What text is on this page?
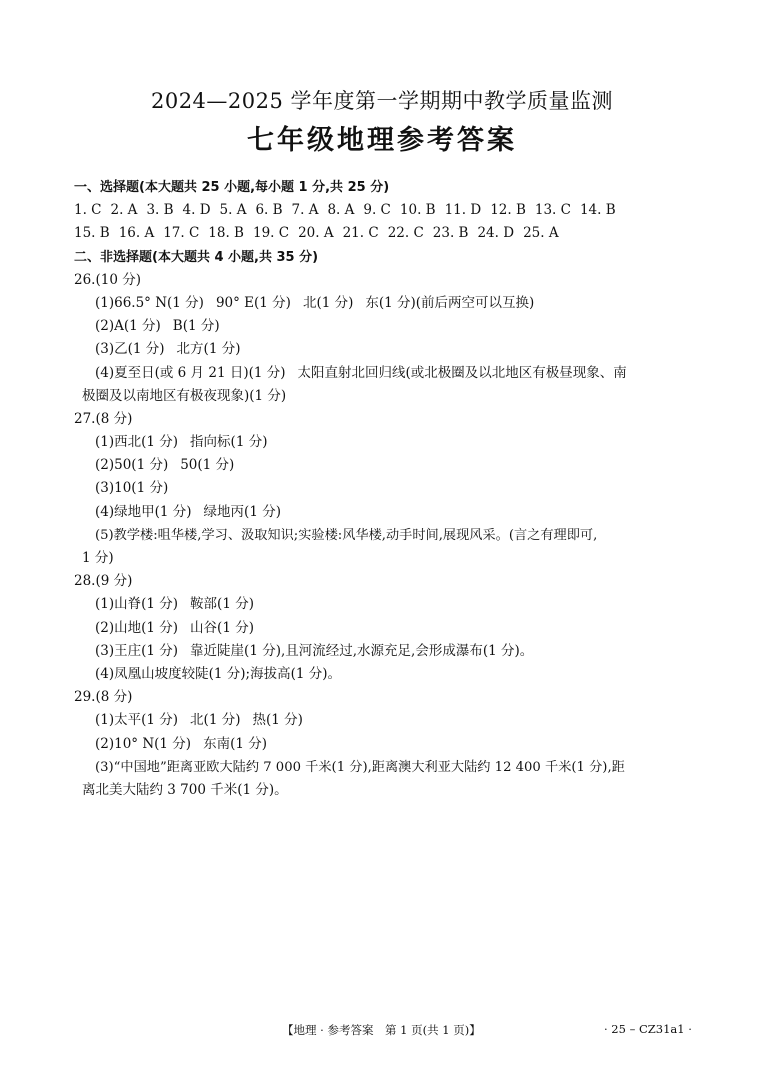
2024—2025 学年度第一学期期中教学质量监测
七年级地理参考答案
一、选择题(本大题共 25 小题,每小题 1 分,共 25 分)
1. C 2. A 3. B 4. D 5. A 6. B 7. A 8. A 9. C 10. B 11. D 12. B 13. C 14. B
15. B 16. A 17. C 18. B 19. C 20. A 21. C 22. C 23. B 24. D 25. A
二、非选择题(本大题共 4 小题,共 35 分)
26.(10 分)
(1)66.5° N(1 分) 90° E(1 分) 北(1 分) 东(1 分)(前后两空可以互换)
(2)A(1 分) B(1 分)
(3)乙(1 分) 北方(1 分)
(4)夏至日(或 6 月 21 日)(1 分) 太阳直射北回归线(或北极圈及以北地区有极昼现象、南
极圈及以南地区有极夜现象)(1 分)
27.(8 分)
(1)西北(1 分) 指向标(1 分)
(2)50(1 分) 50(1 分)
(3)10(1 分)
(4)绿地甲(1 分) 绿地丙(1 分)
(5)教学楼:咀华楼,学习、汲取知识;实验楼:风华楼,动手时间,展现风采。(言之有理即可,
1 分)
28.(9 分)
(1)山脊(1 分) 鞍部(1 分)
(2)山地(1 分) 山谷(1 分)
(3)王庄(1 分) 靠近陡崖(1 分),且河流经过,水源充足,会形成瀑布(1 分)。
(4)凤凰山坡度较陡(1 分);海拔高(1 分)。
29.(8 分)
(1)太平(1 分) 北(1 分) 热(1 分)
(2)10° N(1 分) 东南(1 分)
(3)“中国地”距离亚欧大陆约 7 000 千米(1 分),距离澳大利亚大陆约 12 400 千米(1 分),距
离北美大陆约 3 700 千米(1 分)。
【地理 · 参考答案　第 1 页(共 1 页)】	· 25 – CZ31a1 ·
